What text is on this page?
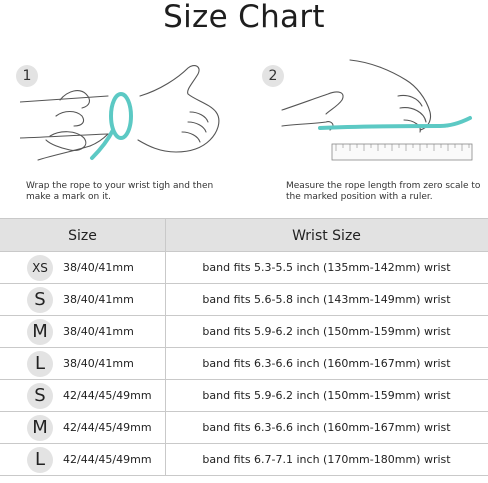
Size Chart
1
Wrap the rope to your wrist tigh and then
make a mark on it.
2
Measure the rope length from zero scale to
the marked position with a ruler.
Size	Wrist Size
XS	38/40/41mm	band fits 5.3-5.5 inch (135mm-142mm) wrist
S	38/40/41mm	band fits 5.6-5.8 inch (143mm-149mm) wrist
M	38/40/41mm	band fits 5.9-6.2 inch (150mm-159mm) wrist
L	38/40/41mm	band fits 6.3-6.6 inch (160mm-167mm) wrist
S	42/44/45/49mm	band fits 5.9-6.2 inch (150mm-159mm) wrist
M	42/44/45/49mm	band fits 6.3-6.6 inch (160mm-167mm) wrist
L	42/44/45/49mm	band fits 6.7-7.1 inch (170mm-180mm) wrist
